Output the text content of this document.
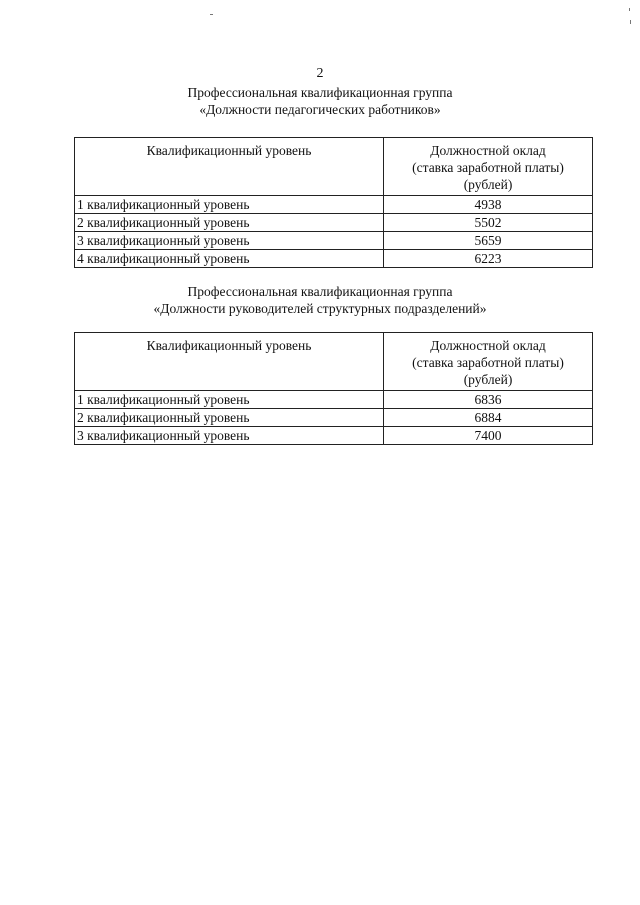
2
Профессиональная квалификационная группа
«Должности педагогических работников»
Квалификационный уровень	Должностной оклад
(ставка заработной платы)
(рублей)

1 квалификационный уровень	4938
2 квалификационный уровень	5502
3 квалификационный уровень	5659
4 квалификационный уровень	6223
Профессиональная квалификационная группа
«Должности руководителей структурных подразделений»
Квалификационный уровень	Должностной оклад
(ставка заработной платы)
(рублей)

1 квалификационный уровень	6836
2 квалификационный уровень	6884
3 квалификационный уровень	7400
